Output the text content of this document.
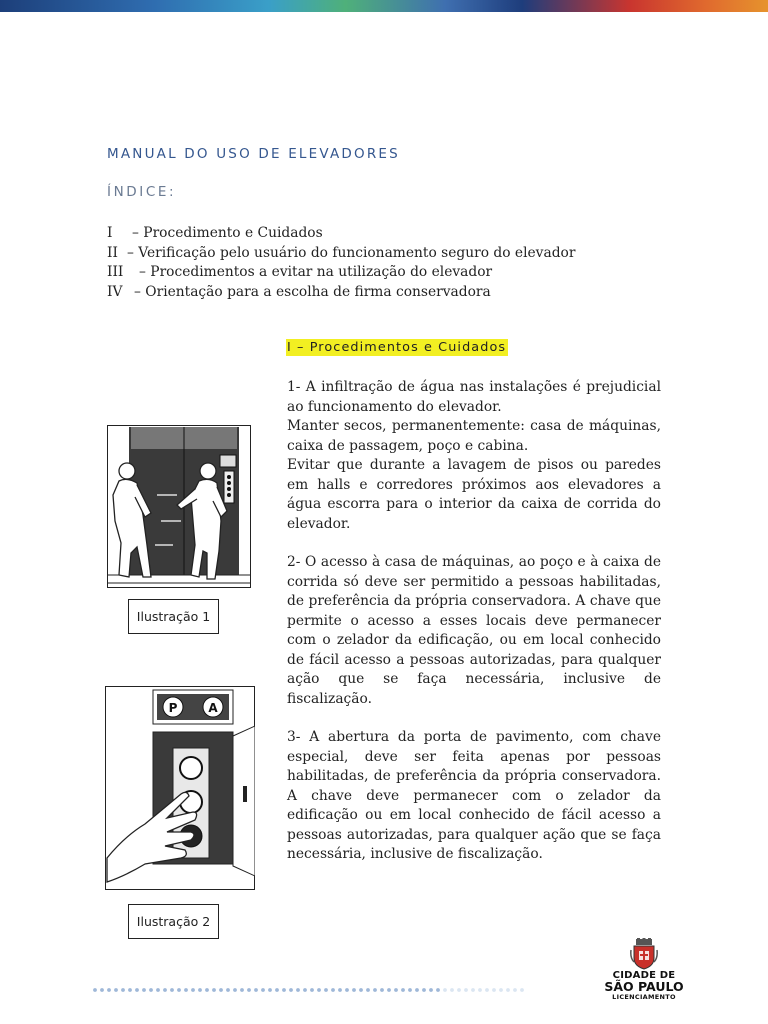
MANUAL DO USO DE ELEVADORES
ÍNDICE:
I	– Procedimento e Cuidados
II – Verificação pelo usuário do funcionamento seguro do elevador
III	– Procedimentos a evitar na utilização do elevador
IV – Orientação para a escolha de firma conservadora
I – Procedimentos e Cuidados

1- A infiltração de água nas instalações é prejudicial ao funcionamento do elevador.

Manter secos, permanentemente: casa de máquinas, caixa de passagem, poço e cabina.

Evitar que durante a lavagem de pisos ou paredes em halls e corredores próximos aos elevadores a água escorra para o interior da caixa de corrida do elevador.

2- O acesso à casa de máquinas, ao poço e à caixa de corrida só deve ser permitido a pessoas habilitadas, de preferência da própria conservadora. A chave que permite o acesso a esses locais deve permanecer com o zelador da edificação, ou em local conhecido de fácil acesso a pessoas autorizadas, para qualquer ação que se faça necessária, inclusive de fiscalização.

3- A abertura da porta de pavimento, com chave especial, deve ser feita apenas por pessoas habilitadas, de preferência da própria conservadora. A chave deve permanecer com o zelador da edificação ou em local conhecido de fácil acesso a pessoas autorizadas, para qualquer ação que se faça necessária, inclusive de fiscalização.

Ilustração 1
P	A
Ilustração 2
CIDADE DE
SÃO PAULO
LICENCIAMENTO
